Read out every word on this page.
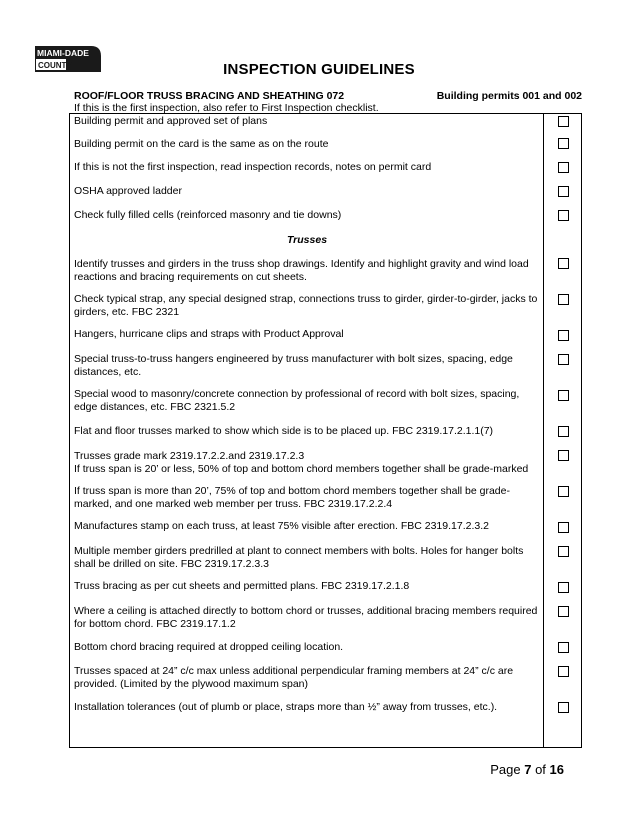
MIAMI-DADE
COUNTY	INSPECTION GUIDELINES
ROOF/FLOOR TRUSS BRACING AND SHEATHING 072	Building permits 001 and 002
If this is the first inspection, also refer to First Inspection checklist.
Building permit and approved set of plans
Building permit on the card is the same as on the route
If this is not the first inspection, read inspection records, notes on permit card
OSHA approved ladder
Check fully filled cells (reinforced masonry and tie downs)
Trusses
Identify trusses and girders in the truss shop drawings. Identify and highlight gravity and wind load reactions and bracing requirements on cut sheets.
Check typical strap, any special designed strap, connections truss to girder, girder-to-girder, jacks to girders, etc. FBC 2321
Hangers, hurricane clips and straps with Product Approval
Special truss-to-truss hangers engineered by truss manufacturer with bolt sizes, spacing, edge distances, etc.
Special wood to masonry/concrete connection by professional of record with bolt sizes, spacing, edge distances, etc. FBC 2321.5.2
Flat and floor trusses marked to show which side is to be placed up. FBC 2319.17.2.1.1(7)
Trusses grade mark 2319.17.2.2.and 2319.17.2.3
If truss span is 20’ or less, 50% of top and bottom chord members together shall be grade-marked
If truss span is more than 20’, 75% of top and bottom chord members together shall be grade-marked, and one marked web member per truss. FBC 2319.17.2.2.4
Manufactures stamp on each truss, at least 75% visible after erection. FBC 2319.17.2.3.2
Multiple member girders predrilled at plant to connect members with bolts. Holes for hanger bolts shall be drilled on site. FBC 2319.17.2.3.3
Truss bracing as per cut sheets and permitted plans. FBC 2319.17.2.1.8
Where a ceiling is attached directly to bottom chord or trusses, additional bracing members required for bottom chord. FBC 2319.17.1.2
Bottom chord bracing required at dropped ceiling location.
Trusses spaced at 24” c/c max unless additional perpendicular framing members at 24” c/c are provided. (Limited by the plywood maximum span)
Installation tolerances (out of plumb or place, straps more than ½” away from trusses, etc.).
Page 7 of 16
